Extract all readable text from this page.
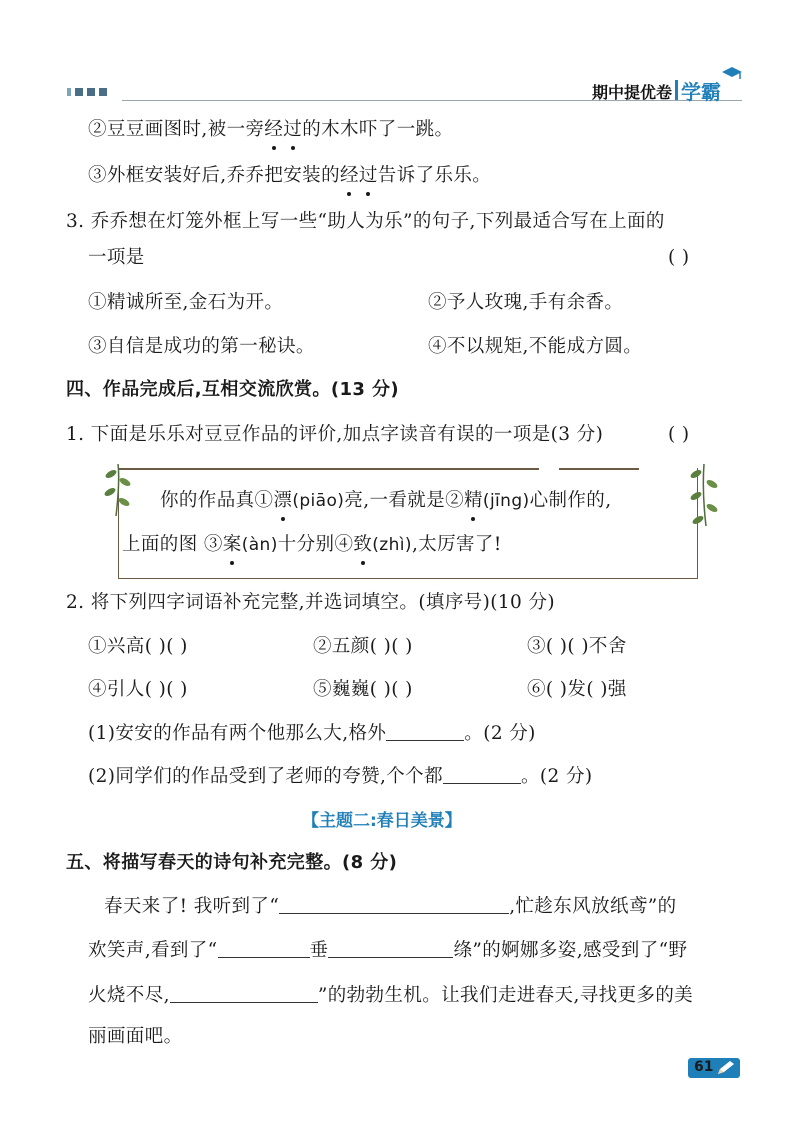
期中提优卷 学霸
②豆豆画图时,被一旁经过的木木吓了一跳。
③外框安装好后,乔乔把安装的经过告诉了乐乐。
3. 乔乔想在灯笼外框上写一些“助人为乐”的句子,下列最适合写在上面的
一项是	( )
①精诚所至,金石为开。	②予人玫瑰,手有余香。
③自信是成功的第一秘诀。	④不以规矩,不能成方圆。
四、作品完成后,互相交流欣赏。(13 分)
1. 下面是乐乐对豆豆作品的评价,加点字读音有误的一项是(3 分)	( )
你的作品真①漂(piāo)亮,一看就是②精(jīng)心制作的,
上面的图 ③案(àn)十分别④致(zhì),太厉害了!
2. 将下列四字词语补充完整,并选词填空。(填序号)(10 分)
①兴高( )( )	②五颜( )( )	③( )( )不舍
④引人( )( )	⑤巍巍( )( )	⑥( )发( )强
(1)安安的作品有两个他那么大,格外	。(2 分)
(2)同学们的作品受到了老师的夸赞,个个都	。(2 分)
【主题二:春日美景】
五、将描写春天的诗句补充完整。(8 分)
春天来了! 我听到了“	,忙趁东风放纸鸢”的
欢笑声,看到了“	垂	绦”的婀娜多姿,感受到了“野
火烧不尽,	”的勃勃生机。让我们走进春天,寻找更多的美
丽画面吧。
61
